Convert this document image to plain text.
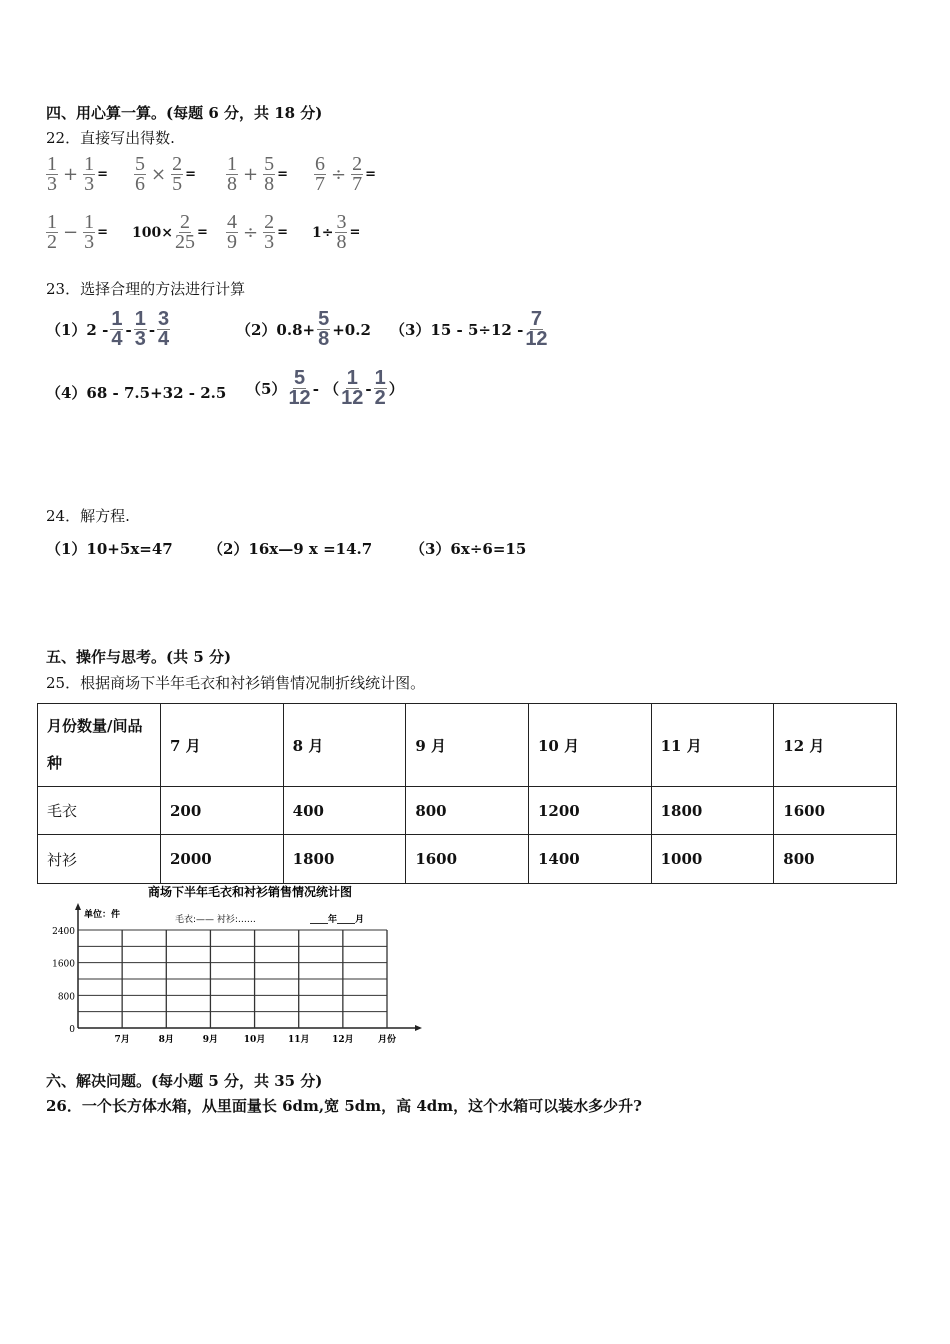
四、用心算一算。(每题 6 分，共 18 分)
22．直接写出得数.
$\frac{1}{3} + \frac{1}{3} = \frac{5}{6} \times \frac{2}{5} = \frac{1}{8} + \frac{5}{8} = \frac{6}{7} \div \frac{2}{7}$ =
$\frac{1}{2} - \frac{1}{3} = 100\times \frac{2}{25} = \frac{4}{9} \div \frac{2}{3} = 1\div \frac{3}{8}$ =
23．选择合理的方法进行计算
$(1)2 - \frac{1}{4} - \frac{1}{3} - \frac{3}{4}$	$(2)0.8+ \frac{5}{8} +0.2$ $(3)15 - 5\div 12 - \frac{7}{12}$
（4）68 - 7.5+32 - 2.5 $(5) \frac{5}{12}$ - （ $\frac{1}{12} - \frac{1}{2}$ ）
24．解方程.
（1）10+5x=47 （2）16x—9 x =14.7	（3）6x÷6=15
五、操作与思考。(共 5 分)
25．根据商场下半年毛衣和衬衫销售情况制折线统计图。
月份数量/间品种	7 月	8 月	9 月	10 月	11 月	12 月
毛衣	200	400	800	1200	1800	1600
衬衫	2000	1800	1600	1400	1000	800
商场下半年毛衣和衬衫销售情况统计图
单位：件	毛衣:—— 衬衫:……	____年____月
0
800
1600
2400
7月	8月	9月	10月	11月	12月	月份
六、解决问题。(每小题 5 分，共 35 分)
26．一个长方体水箱，从里面量长 6dm,宽 5dm，高 4dm，这个水箱可以装水多少升?
